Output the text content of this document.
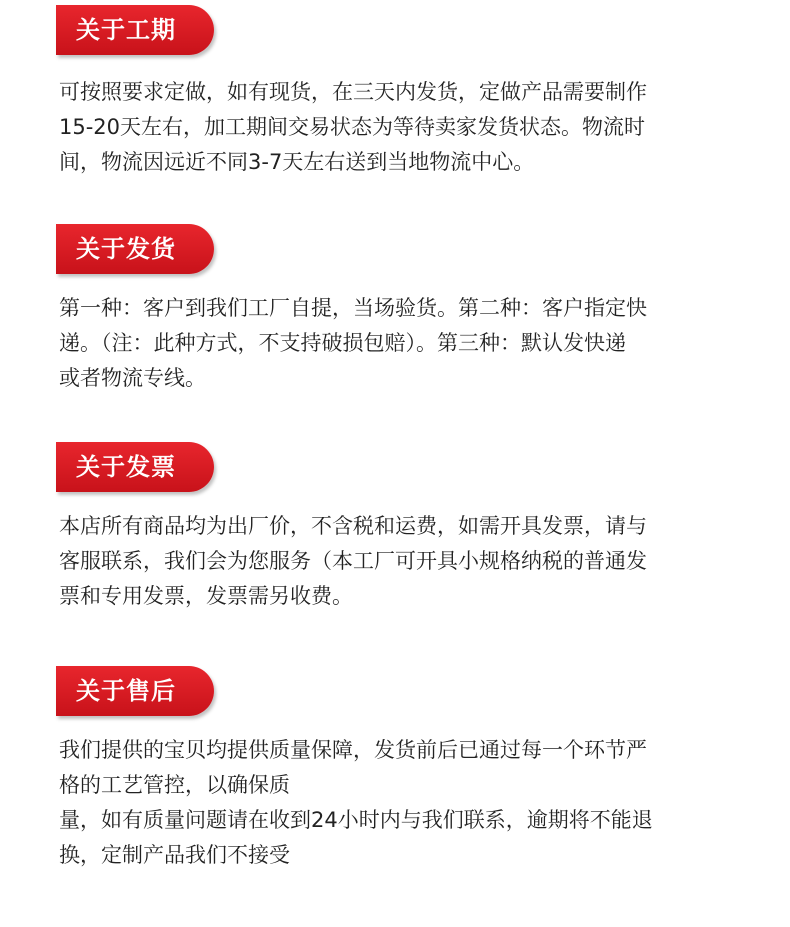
关于工期
可按照要求定做，如有现货，在三天内发货，定做产品需要制作
15-20天左右，加工期间交易状态为等待卖家发货状态。物流时
间，物流因远近不同3-7天左右送到当地物流中心。
关于发货
第一种：客户到我们工厂自提，当场验货。第二种：客户指定快
递。（注：此种方式，不支持破损包赔）。第三种：默认发快递
或者物流专线。
关于发票
本店所有商品均为出厂价，不含税和运费，如需开具发票，请与
客服联系，我们会为您服务（本工厂可开具小规格纳税的普通发
票和专用发票，发票需另收费。
关于售后
我们提供的宝贝均提供质量保障，发货前后已通过每一个环节严
格的工艺管控，以确保质
量，如有质量问题请在收到24小时内与我们联系，逾期将不能退
换，定制产品我们不接受
